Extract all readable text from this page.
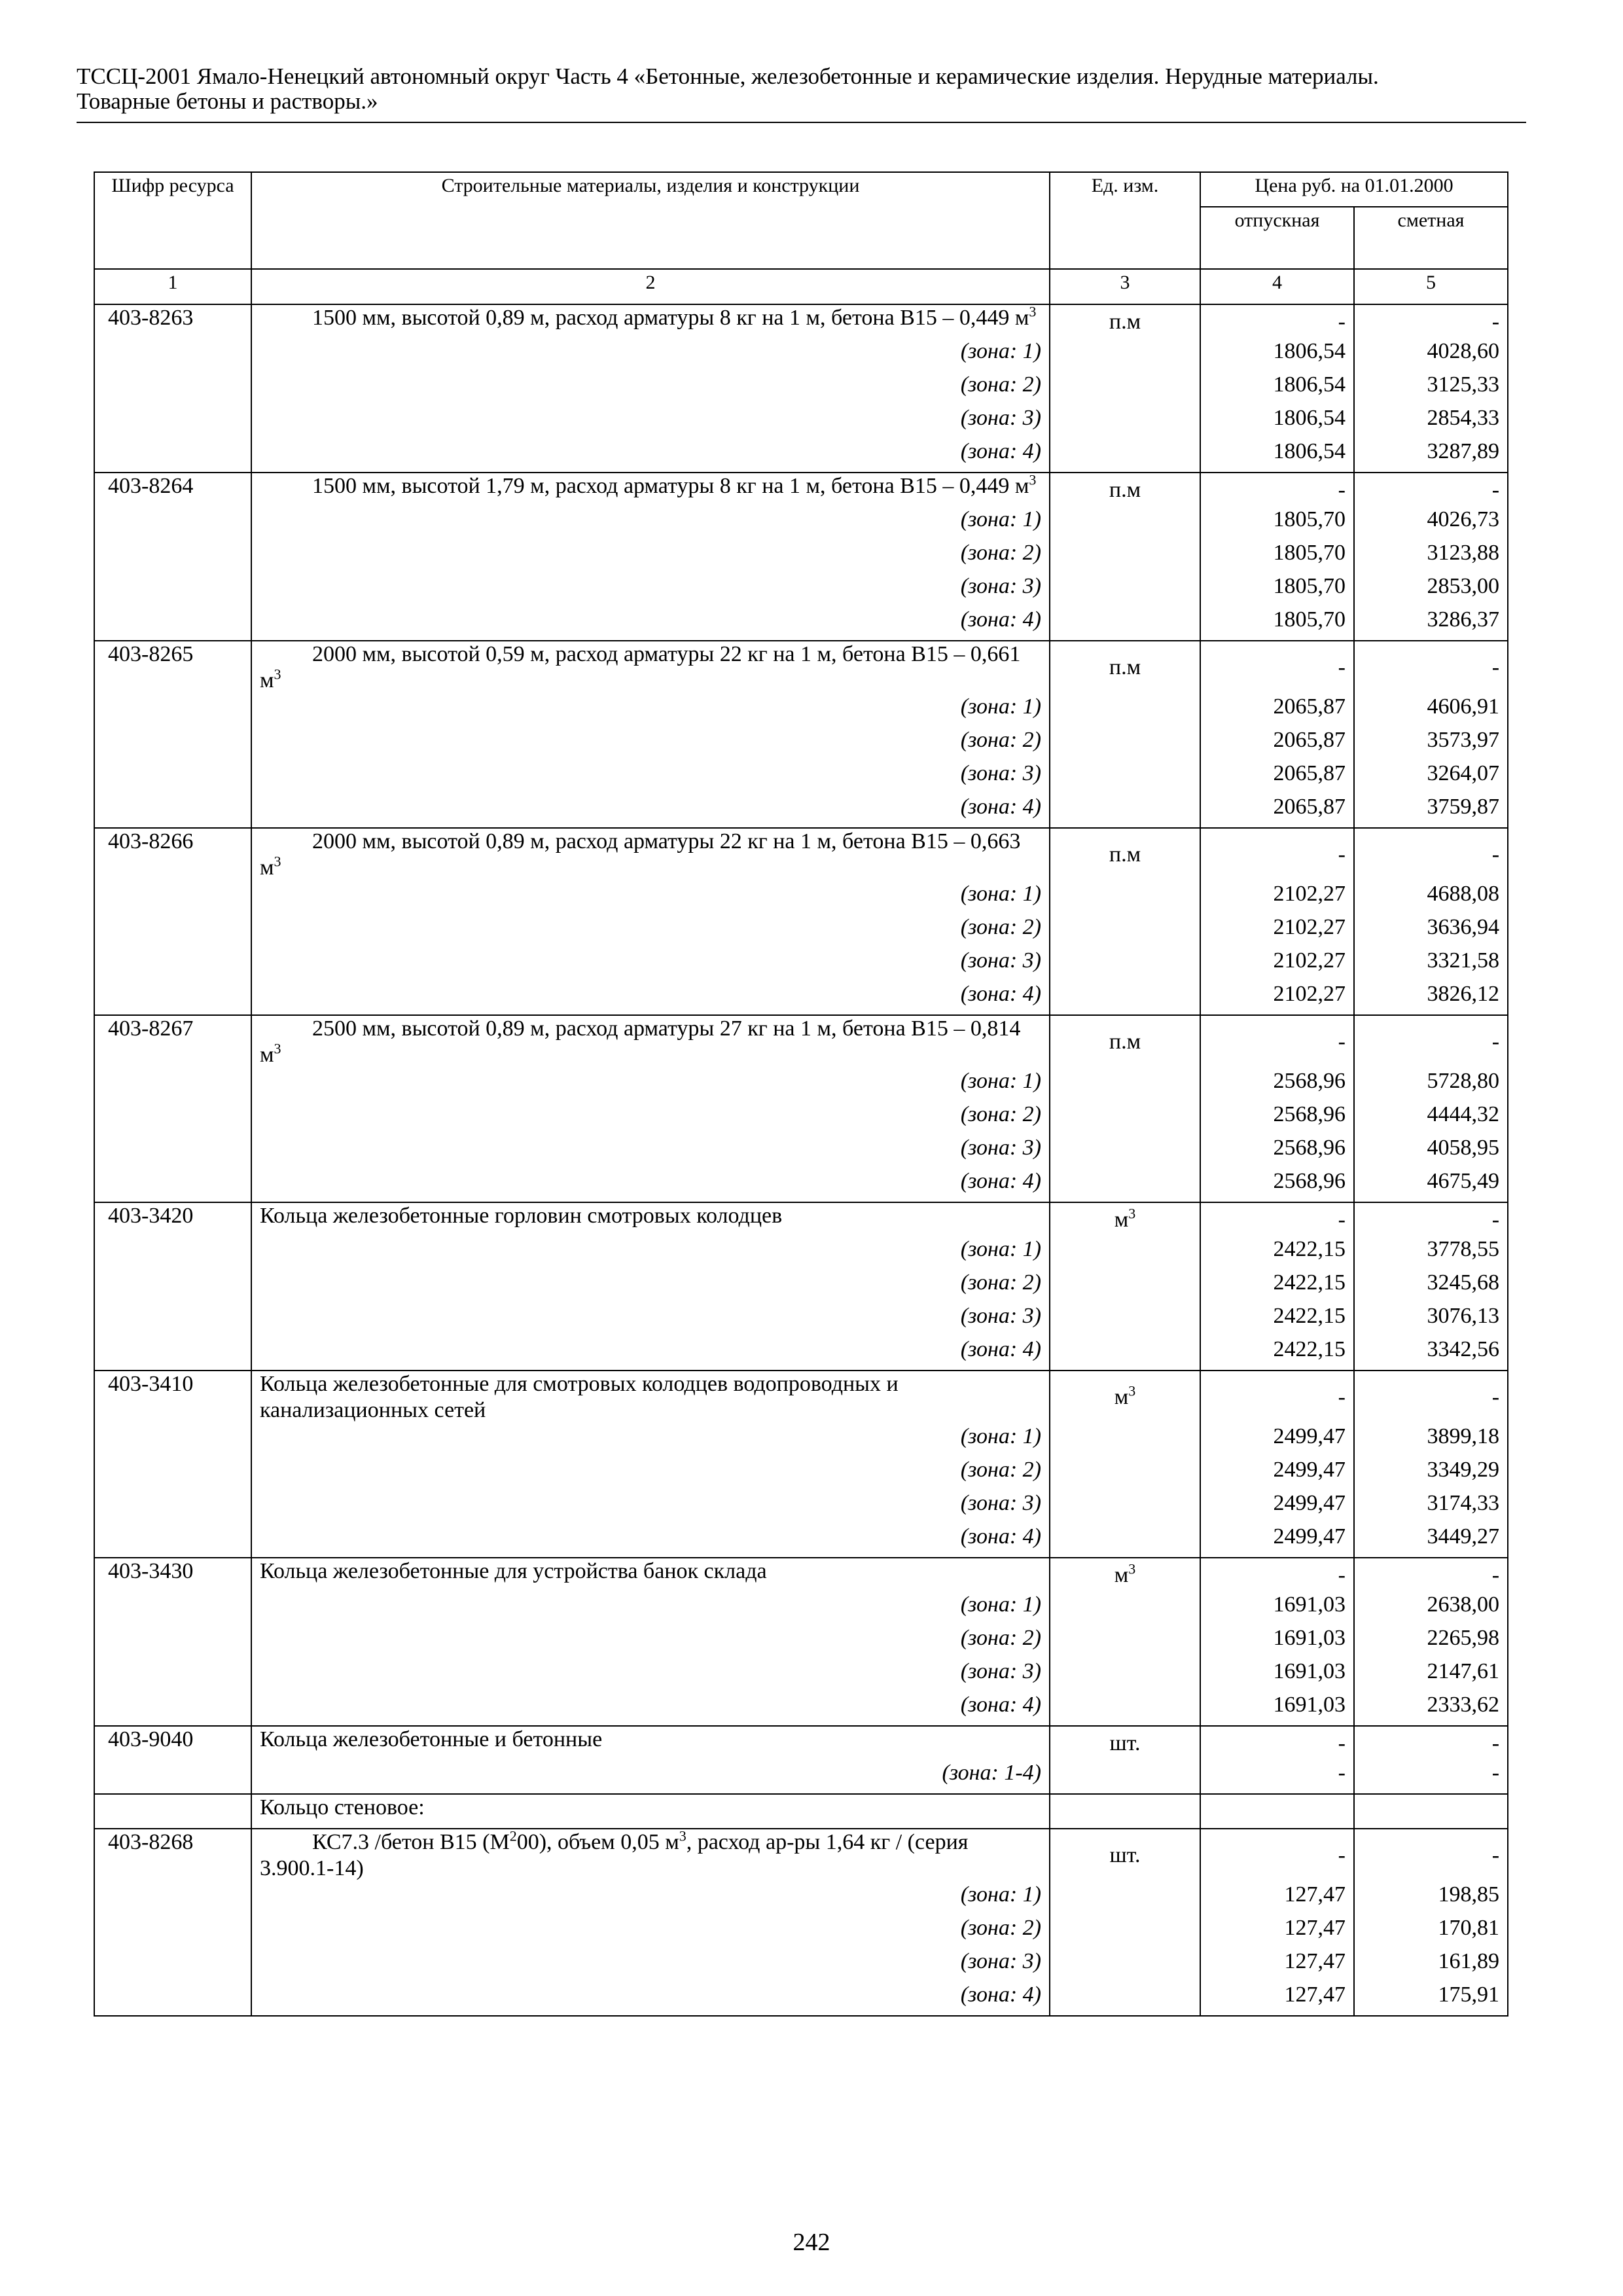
ТССЦ-2001 Ямало-Ненецкий автономный округ Часть 4 «Бетонные, железобетонные и керамические изделия. Нерудные материалы.
Товарные бетоны и растворы.»
Шифр ресурса	Строительные материалы, изделия и конструкции	Ед. изм.	Цена руб. на 01.01.2000	
			отпускная	сметная
1	2	3	4	5
403-8263	1500 мм, высотой 0,89 м, расход арматуры 8 кг на 1 м, бетона В15 – 0,449 $м^3$	п.м	-	-
	(зона: 1)		1806,54	4028,60
	(зона: 2)		1806,54	3125,33
	(зона: 3)		1806,54	2854,33
	(зона: 4)		1806,54	3287,89
403-8264	1500 мм, высотой 1,79 м, расход арматуры 8 кг на 1 м, бетона В15 – 0,449 $м^3$	п.м	-	-
	(зона: 1)		1805,70	4026,73
	(зона: 2)		1805,70	3123,88
	(зона: 3)		1805,70	2853,00
	(зона: 4)		1805,70	3286,37
403-8265	2000 мм, высотой 0,59 м, расход арматуры 22 кг на 1 м, бетона В15 – 0,661 $м^3$	п.м	-	-
	(зона: 1)		2065,87	4606,91
	(зона: 2)		2065,87	3573,97
	(зона: 3)		2065,87	3264,07
	(зона: 4)		2065,87	3759,87
403-8266	2000 мм, высотой 0,89 м, расход арматуры 22 кг на 1 м, бетона В15 – 0,663 $м^3$	п.м	-	-
	(зона: 1)		2102,27	4688,08
	(зона: 2)		2102,27	3636,94
	(зона: 3)		2102,27	3321,58
	(зона: 4)		2102,27	3826,12
403-8267	2500 мм, высотой 0,89 м, расход арматуры 27 кг на 1 м, бетона В15 – 0,814 $м^3$	п.м	-	-
	(зона: 1)		2568,96	5728,80
	(зона: 2)		2568,96	4444,32
	(зона: 3)		2568,96	4058,95
	(зона: 4)		2568,96	4675,49
403-3420	Кольца железобетонные горловин смотровых колодцев	$м^3$	-	-
	(зона: 1)		2422,15	3778,55
	(зона: 2)		2422,15	3245,68
	(зона: 3)		2422,15	3076,13
	(зона: 4)		2422,15	3342,56
403-3410	Кольца железобетонные для смотровых колодцев водопроводных и канализационных сетей	$м^3$	-	-
	(зона: 1)		2499,47	3899,18
	(зона: 2)		2499,47	3349,29
	(зона: 3)		2499,47	3174,33
	(зона: 4)		2499,47	3449,27
403-3430	Кольца железобетонные для устройства банок склада	$м^3$	-	-
	(зона: 1)		1691,03	2638,00
	(зона: 2)		1691,03	2265,98
	(зона: 3)		1691,03	2147,61
	(зона: 4)		1691,03	2333,62
403-9040	Кольца железобетонные и бетонные	шт.	-	-
	(зона: 1-4)		-	-
	Кольцо стеновое:			
403-8268	КС7.3 /бетон В15 $(М^200)$, объем 0,05 $м^3$, расход ар-ры 1,64 кг / (серия 3.900.1-14)	шт.	-	-
	(зона: 1)		127,47	198,85
	(зона: 2)		127,47	170,81
	(зона: 3)		127,47	161,89
	(зона: 4)		127,47	175,91
242
